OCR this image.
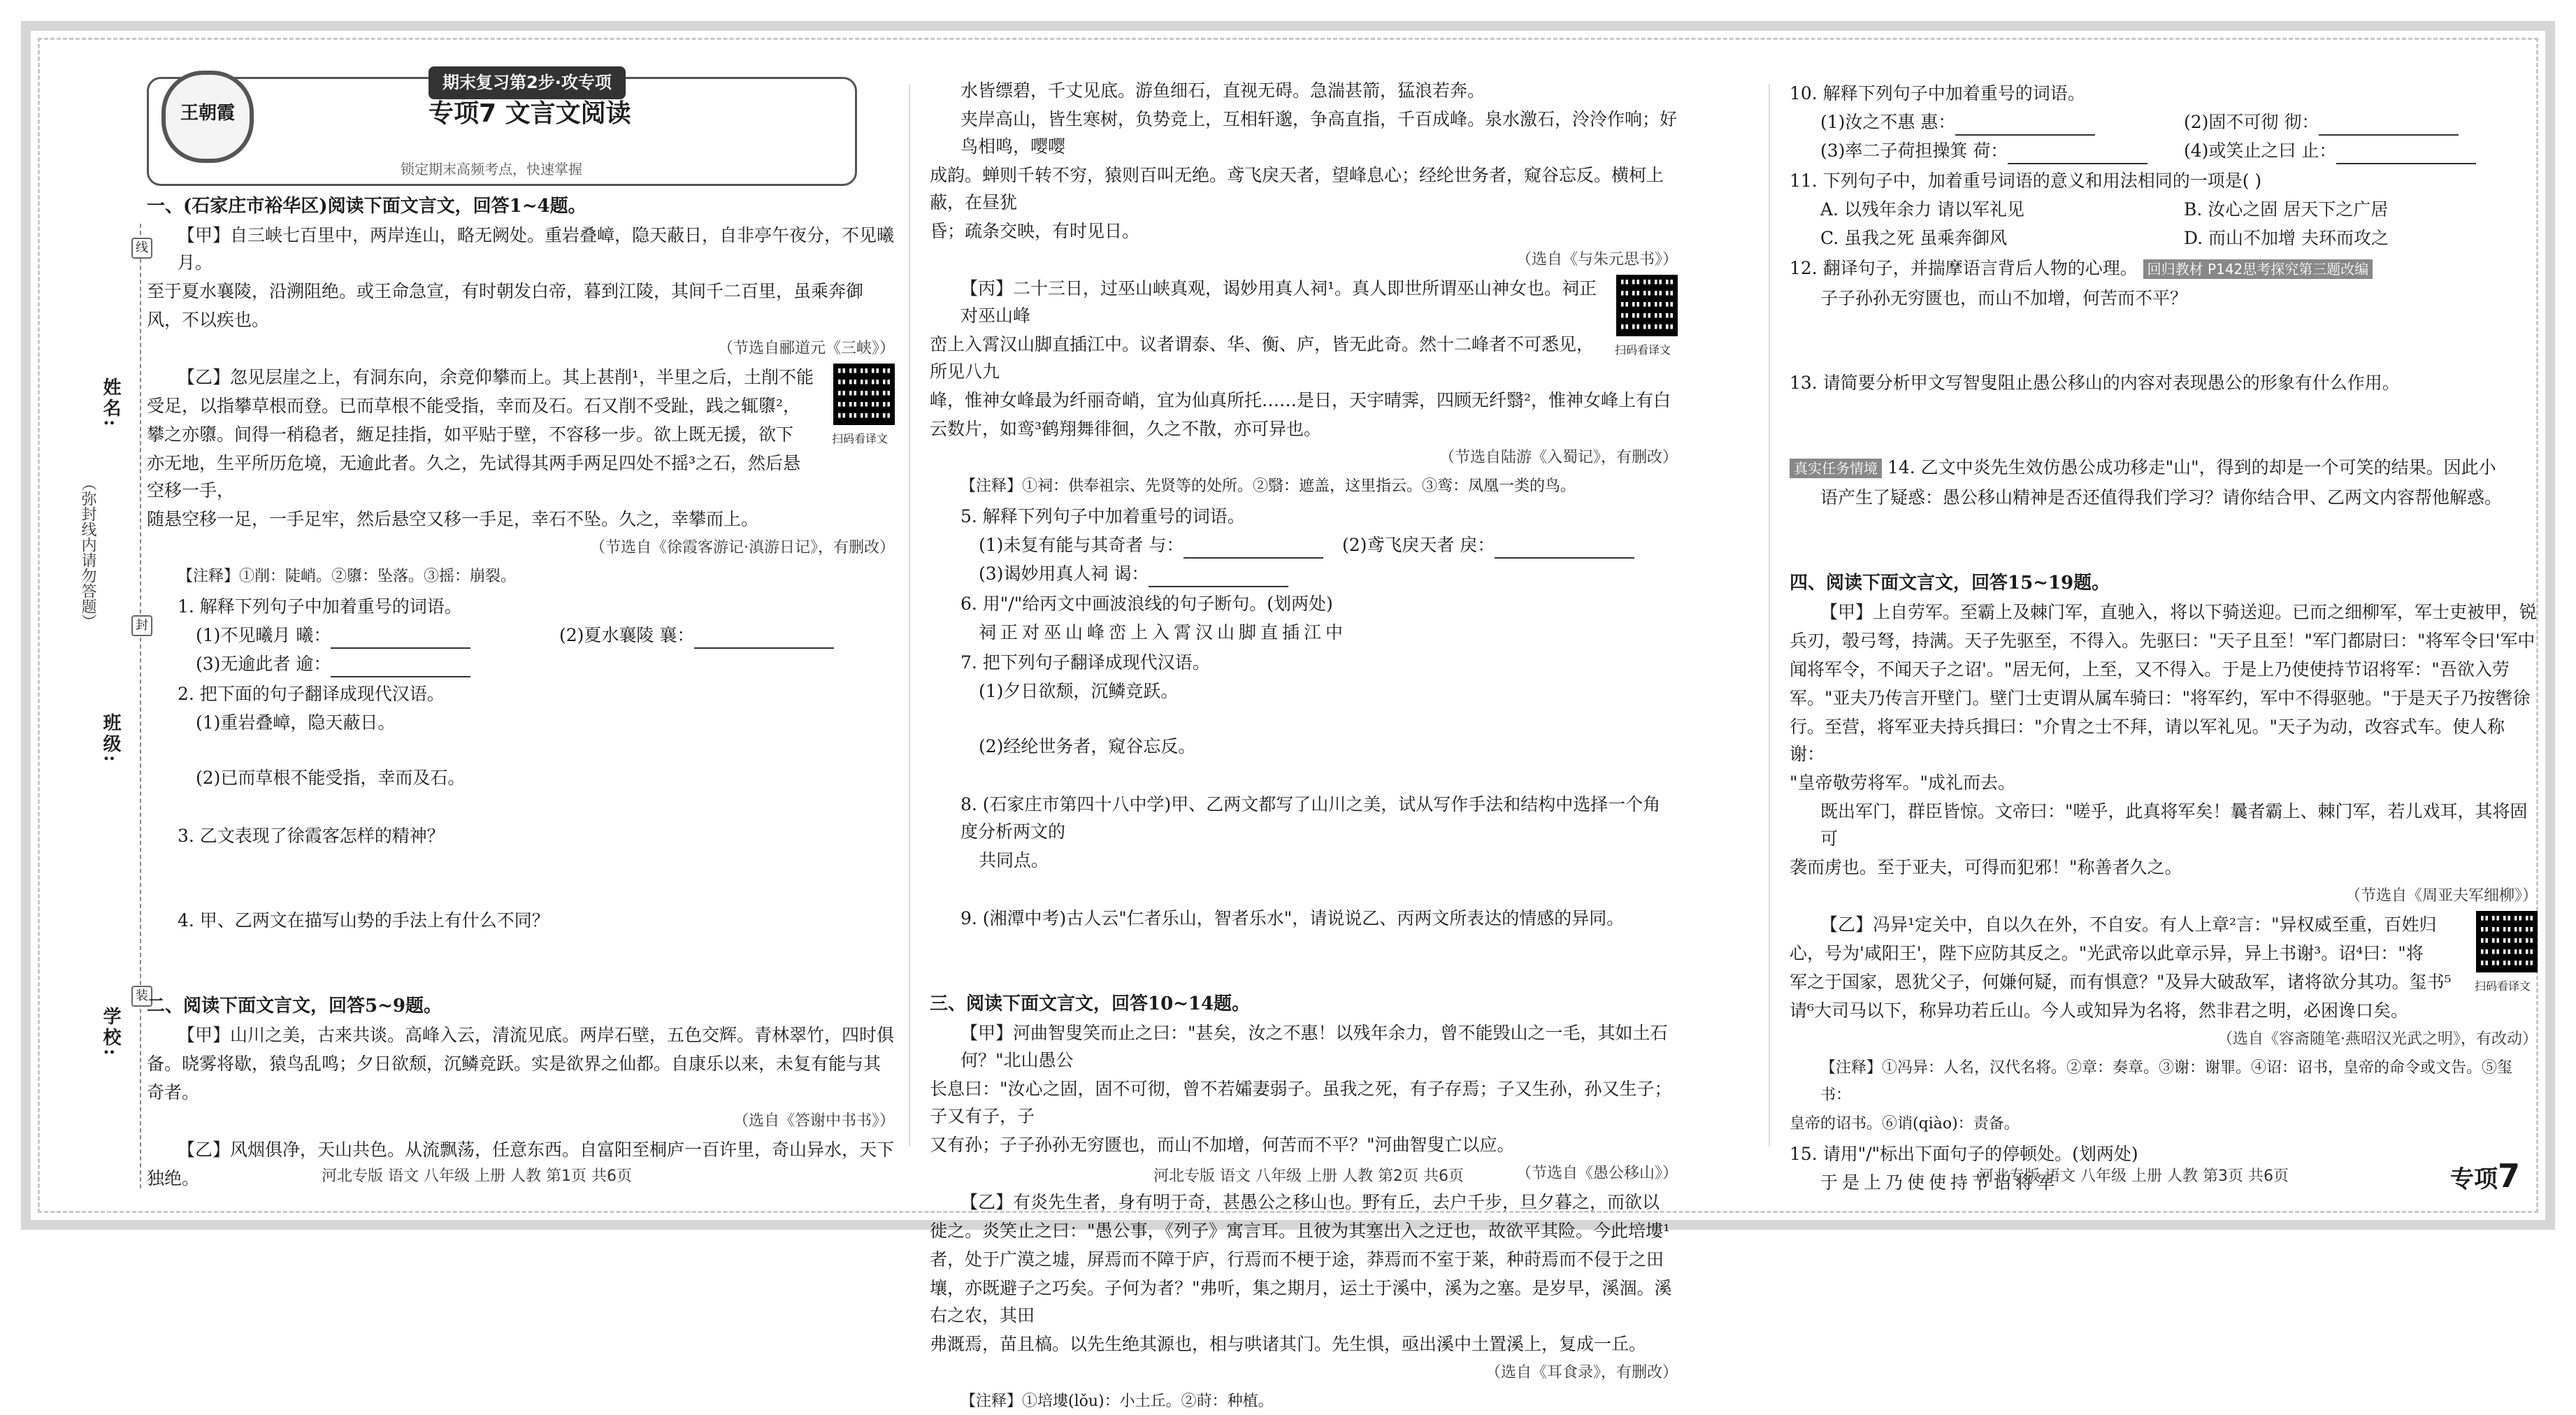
姓名:
（弥封线内请勿答题）
班级:
学校:
线
封
装
王朝霞
期末复习第2步·攻专项
专项7 文言文阅读
锁定期末高频考点，快速掌握

一、(石家庄市裕华区)阅读下面文言文，回答1~4题。

【甲】自三峡七百里中，两岸连山，略无阙处。重岩叠嶂，隐天蔽日，自非亭午夜分，不见曦月。

至于夏水襄陵，沿溯阻绝。或王命急宣，有时朝发白帝，暮到江陵，其间千二百里，虽乘奔御

风，不以疾也。

（节选自郦道元《三峡》）

扫码看译文

【乙】忽见层崖之上，有洞东向，余竞仰攀而上。其上甚削¹，半里之后，土削不能

受足，以指攀草根而登。已而草根不能受指，幸而及石。石又削不受趾，践之辄隳²，

攀之亦隳。间得一稍稳者，緪足挂指，如平贴于壁，不容移一步。欲上既无援，欲下

亦无地，生平所历危境，无逾此者。久之，先试得其两手两足四处不摇³之石，然后悬空移一手，

随悬空移一足，一手足牢，然后悬空又移一手足，幸石不坠。久之，幸攀而上。

（节选自《徐霞客游记·滇游日记》，有删改）

【注释】①削：陡峭。②隳：坠落。③摇：崩裂。

1. 解释下列句子中加着重号的词语。

(1)不见曦月 曦：	(2)夏水襄陵 襄：

(3)无逾此者 逾：

2. 把下面的句子翻译成现代汉语。

(1)重岩叠嶂，隐天蔽日。

(2)已而草根不能受指，幸而及石。

3. 乙文表现了徐霞客怎样的精神？

4. 甲、乙两文在描写山势的手法上有什么不同？

二、阅读下面文言文，回答5~9题。

【甲】山川之美，古来共谈。高峰入云，清流见底。两岸石壁，五色交辉。青林翠竹，四时俱

备。晓雾将歇，猿鸟乱鸣；夕日欲颓，沉鳞竞跃。实是欲界之仙都。自康乐以来，未复有能与其

奇者。

（选自《答谢中书书》）

【乙】风烟俱净，天山共色。从流飘荡，任意东西。自富阳至桐庐一百许里，奇山异水，天下

独绝。	河北专版 语文 八年级 上册 人教 第1页 共6页

水皆缥碧，千丈见底。游鱼细石，直视无碍。急湍甚箭，猛浪若奔。

夹岸高山，皆生寒树，负势竞上，互相轩邈，争高直指，千百成峰。泉水激石，泠泠作响；好鸟相鸣，嘤嘤

成韵。蝉则千转不穷，猿则百叫无绝。鸢飞戾天者，望峰息心；经纶世务者，窥谷忘反。横柯上蔽，在昼犹

昏；疏条交映，有时见日。

（选自《与朱元思书》）

扫码看译文

【丙】二十三日，过巫山峡真观，谒妙用真人祠¹。真人即世所谓巫山神女也。祠正对巫山峰

峦上入霄汉山脚直插江中。议者谓泰、华、衡、庐，皆无此奇。然十二峰者不可悉见，所见八九

峰，惟神女峰最为纤丽奇峭，宜为仙真所托……是日，天宇晴霁，四顾无纤翳²，惟神女峰上有白

云数片，如鸾³鹤翔舞徘徊，久之不散，亦可异也。

（节选自陆游《入蜀记》，有删改）

【注释】①祠：供奉祖宗、先贤等的处所。②翳：遮盖，这里指云。③鸾：凤凰一类的鸟。

5. 解释下列句子中加着重号的词语。

(1)未复有能与其奇者 与：	(2)鸢飞戾天者 戾：

(3)谒妙用真人祠 谒：

6. 用"/"给丙文中画波浪线的句子断句。(划两处)

祠正对巫山峰峦上入霄汉山脚直插江中

7. 把下列句子翻译成现代汉语。

(1)夕日欲颓，沉鳞竞跃。

(2)经纶世务者，窥谷忘反。

8. (石家庄市第四十八中学)甲、乙两文都写了山川之美，试从写作手法和结构中选择一个角度分析两文的

共同点。

9. (湘潭中考)古人云"仁者乐山，智者乐水"，请说说乙、丙两文所表达的情感的异同。

三、阅读下面文言文，回答10~14题。

【甲】河曲智叟笑而止之曰："甚矣，汝之不惠！以残年余力，曾不能毁山之一毛，其如土石何？"北山愚公

长息曰："汝心之固，固不可彻，曾不若孀妻弱子。虽我之死，有子存焉；子又生孙，孙又生子；子又有子，子

又有孙；子子孙孙无穷匮也，而山不加增，何苦而不平？"河曲智叟亡以应。

（节选自《愚公移山》）

【乙】有炎先生者，身有明于奇，甚愚公之移山也。野有丘，去户千步，旦夕暮之，而欲以

徙之。炎笑止之曰："愚公事，《列子》寓言耳。且彼为其塞出入之迂也，故欲平其险。今此培塿¹

者，处于广漠之墟，屏焉而不障于庐，行焉而不梗于途，莽焉而不室于莱，种莳焉而不侵于之田

壤，亦既避子之巧矣。子何为者？"弗听，集之期月，运土于溪中，溪为之塞。是岁早，溪涸。溪右之农，其田

弗溉焉，苗且槁。以先生绝其源也，相与哄诸其门。先生惧，亟出溪中土置溪上，复成一丘。

（选自《耳食录》，有删改）

【注释】①培塿(lǒu)：小土丘。②莳：种植。

河北专版 语文 八年级 上册 人教 第2页 共6页

10. 解释下列句子中加着重号的词语。

(1)汝之不惠 惠：	(2)固不可彻 彻：

(3)率二子荷担操箕 荷：	(4)或笑止之曰 止：

11. 下列句子中，加着重号词语的意义和用法相同的一项是( )

A. 以残年余力 请以军礼见	B. 汝心之固 居天下之广居

C. 虽我之死 虽乘奔御风	D. 而山不加增 夫环而攻之

12. 翻译句子，并揣摩语言背后人物的心理。 回归教材 P142思考探究第三题改编

子子孙孙无穷匮也，而山不加增，何苦而不平？

13. 请简要分析甲文写智叟阻止愚公移山的内容对表现愚公的形象有什么作用。

真实任务情境 14. 乙文中炎先生效仿愚公成功移走"山"，得到的却是一个可笑的结果。因此小

语产生了疑惑：愚公移山精神是否还值得我们学习？请你结合甲、乙两文内容帮他解惑。

四、阅读下面文言文，回答15~19题。

【甲】上自劳军。至霸上及棘门军，直驰入，将以下骑送迎。已而之细柳军，军士吏被甲，锐

兵刃，彀弓弩，持满。天子先驱至，不得入。先驱曰："天子且至！"军门都尉曰："将军令曰'军中

闻将军令，不闻天子之诏'。"居无何，上至，又不得入。于是上乃使使持节诏将军："吾欲入劳

军。"亚夫乃传言开壁门。壁门士吏谓从属车骑曰："将军约，军中不得驱驰。"于是天子乃按辔徐

行。至营，将军亚夫持兵揖曰："介胄之士不拜，请以军礼见。"天子为动，改容式车。使人称谢：

"皇帝敬劳将军。"成礼而去。

既出军门，群臣皆惊。文帝曰："嗟乎，此真将军矣！曩者霸上、棘门军，若儿戏耳，其将固可

袭而虏也。至于亚夫，可得而犯邪！"称善者久之。

（节选自《周亚夫军细柳》）

扫码看译文

【乙】冯异¹定关中，自以久在外，不自安。有人上章²言："异权威至重，百姓归

心，号为'咸阳王'，陛下应防其反之。"光武帝以此章示异，异上书谢³。诏⁴曰："将

军之于国家，恩犹父子，何嫌何疑，而有惧意？"及异大破敌军，诸将欲分其功。玺书⁵

请⁶大司马以下，称异功若丘山。今人或知异为名将，然非君之明，必困谗口矣。

（选自《容斋随笔·燕昭汉光武之明》，有改动）

【注释】①冯异：人名，汉代名将。②章：奏章。③谢：谢罪。④诏：诏书，皇帝的命令或文告。⑤玺书：

皇帝的诏书。⑥诮(qiào)：责备。

15. 请用"/"标出下面句子的停顿处。(划两处)

于是上乃使使持节诏将军

河北专版 语文 八年级 上册 人教 第3页 共6页	专项7
